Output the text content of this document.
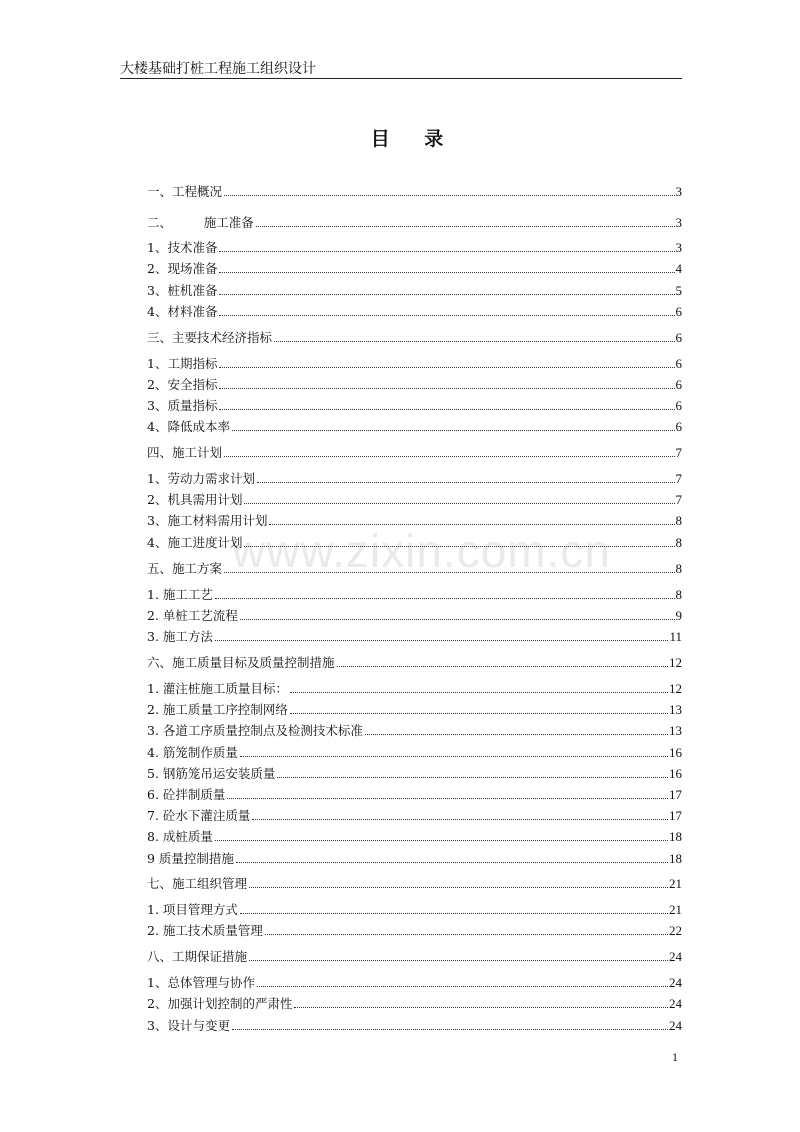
大楼基础打桩工程施工组织设计
目 录
www.zixin.com.cn
一、工程概况	3
二、        施工准备	3
1、技术准备	3
2、现场准备	4
3、桩机准备	5
4、材料准备	6
三、主要技术经济指标	6
1、工期指标	6
2、安全指标	6
3、质量指标	6
4、降低成本率	6
四、施工计划	7
1、劳动力需求计划	7
2、机具需用计划	7
3、施工材料需用计划	8
4、施工进度计划	8
五、施工方案	8
1. 施工工艺	8
2. 单桩工艺流程	9
3. 施工方法	11
六、施工质量目标及质量控制措施	12
1. 灌注桩施工质量目标：	12
2. 施工质量工序控制网络	13
3. 各道工序质量控制点及检测技术标准	13
4. 筋笼制作质量	16
5. 钢筋笼吊运安装质量	16
6. 砼拌制质量	17
7. 砼水下灌注质量	17
8. 成桩质量	18
9 质量控制措施	18
七、施工组织管理	21
1. 项目管理方式	21
2. 施工技术质量管理	22
八、工期保证措施	24
1、总体管理与协作	24
2、加强计划控制的严肃性	24
3、设计与变更	24
1
